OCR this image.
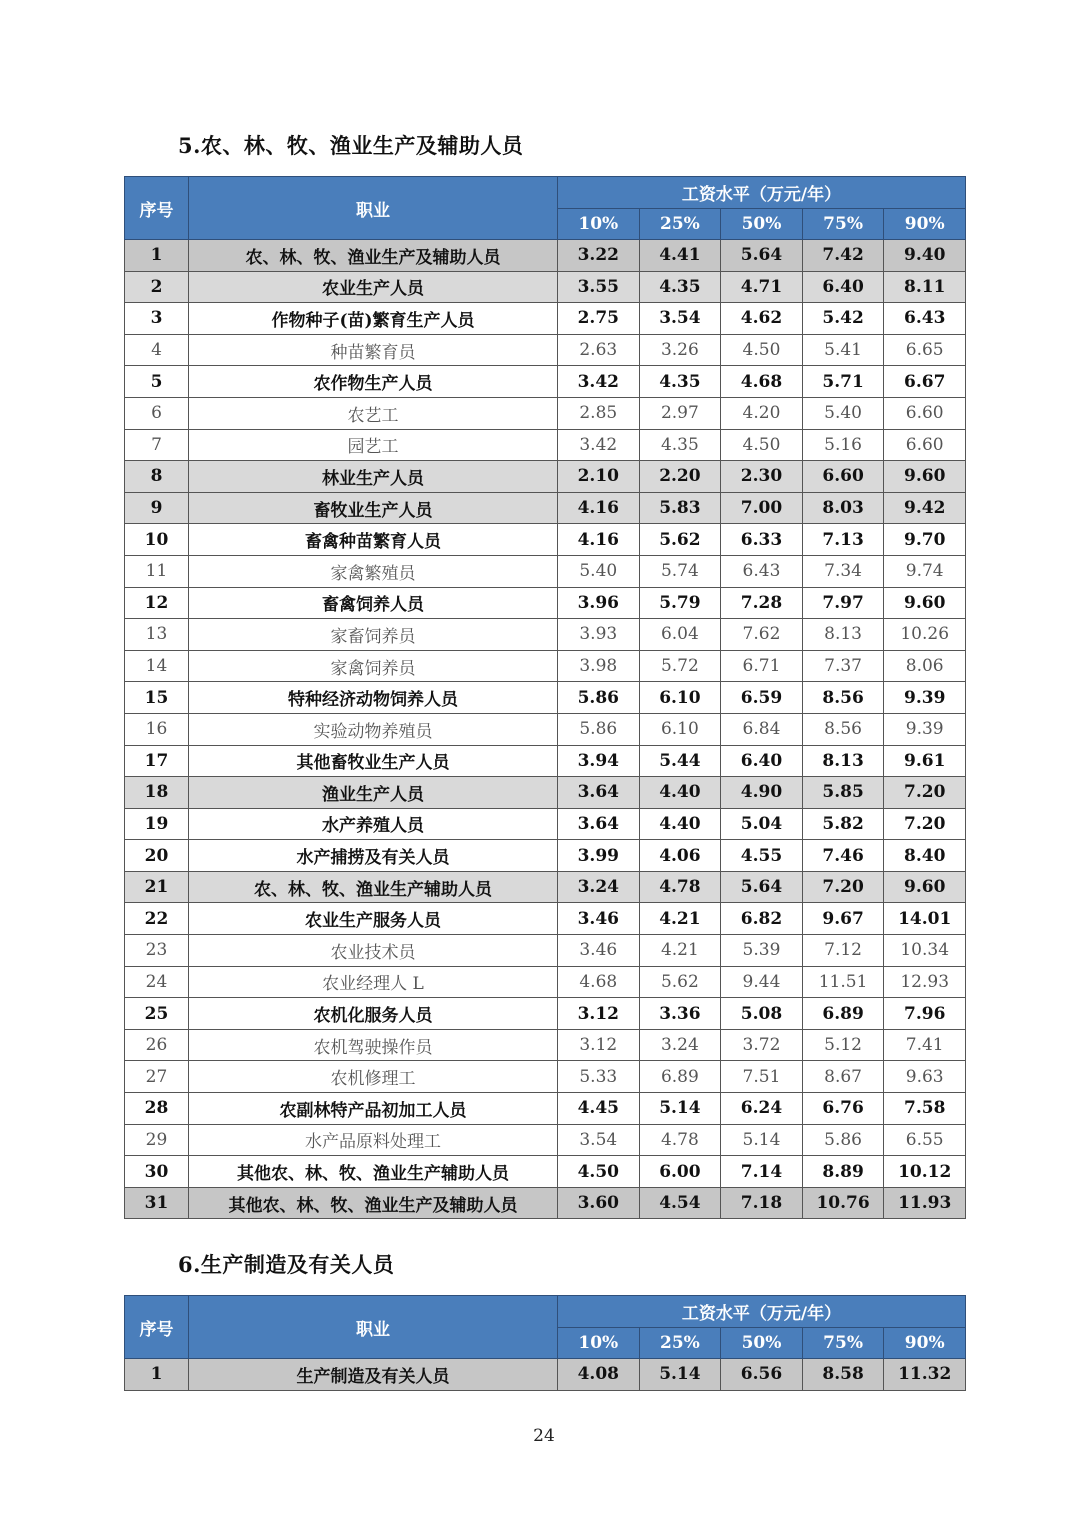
5.农、林、牧、渔业生产及辅助人员
序号	职业	工资水平（万元/年）				
		10%	25%	50%	75%	90%
1	农、林、牧、渔业生产及辅助人员	3.22	4.41	5.64	7.42	9.40
2	农业生产人员	3.55	4.35	4.71	6.40	8.11
3	作物种子(苗)繁育生产人员	2.75	3.54	4.62	5.42	6.43
4	种苗繁育员	2.63	3.26	4.50	5.41	6.65
5	农作物生产人员	3.42	4.35	4.68	5.71	6.67
6	农艺工	2.85	2.97	4.20	5.40	6.60
7	园艺工	3.42	4.35	4.50	5.16	6.60
8	林业生产人员	2.10	2.20	2.30	6.60	9.60
9	畜牧业生产人员	4.16	5.83	7.00	8.03	9.42
10	畜禽种苗繁育人员	4.16	5.62	6.33	7.13	9.70
11	家禽繁殖员	5.40	5.74	6.43	7.34	9.74
12	畜禽饲养人员	3.96	5.79	7.28	7.97	9.60
13	家畜饲养员	3.93	6.04	7.62	8.13	10.26
14	家禽饲养员	3.98	5.72	6.71	7.37	8.06
15	特种经济动物饲养人员	5.86	6.10	6.59	8.56	9.39
16	实验动物养殖员	5.86	6.10	6.84	8.56	9.39
17	其他畜牧业生产人员	3.94	5.44	6.40	8.13	9.61
18	渔业生产人员	3.64	4.40	4.90	5.85	7.20
19	水产养殖人员	3.64	4.40	5.04	5.82	7.20
20	水产捕捞及有关人员	3.99	4.06	4.55	7.46	8.40
21	农、林、牧、渔业生产辅助人员	3.24	4.78	5.64	7.20	9.60
22	农业生产服务人员	3.46	4.21	6.82	9.67	14.01
23	农业技术员	3.46	4.21	5.39	7.12	10.34
24	农业经理人 L	4.68	5.62	9.44	11.51	12.93
25	农机化服务人员	3.12	3.36	5.08	6.89	7.96
26	农机驾驶操作员	3.12	3.24	3.72	5.12	7.41
27	农机修理工	5.33	6.89	7.51	8.67	9.63
28	农副林特产品初加工人员	4.45	5.14	6.24	6.76	7.58
29	水产品原料处理工	3.54	4.78	5.14	5.86	6.55
30	其他农、林、牧、渔业生产辅助人员	4.50	6.00	7.14	8.89	10.12
31	其他农、林、牧、渔业生产及辅助人员	3.60	4.54	7.18	10.76	11.93
6.生产制造及有关人员
序号	职业	工资水平（万元/年）				
		10%	25%	50%	75%	90%
1	生产制造及有关人员	4.08	5.14	6.56	8.58	11.32
24
